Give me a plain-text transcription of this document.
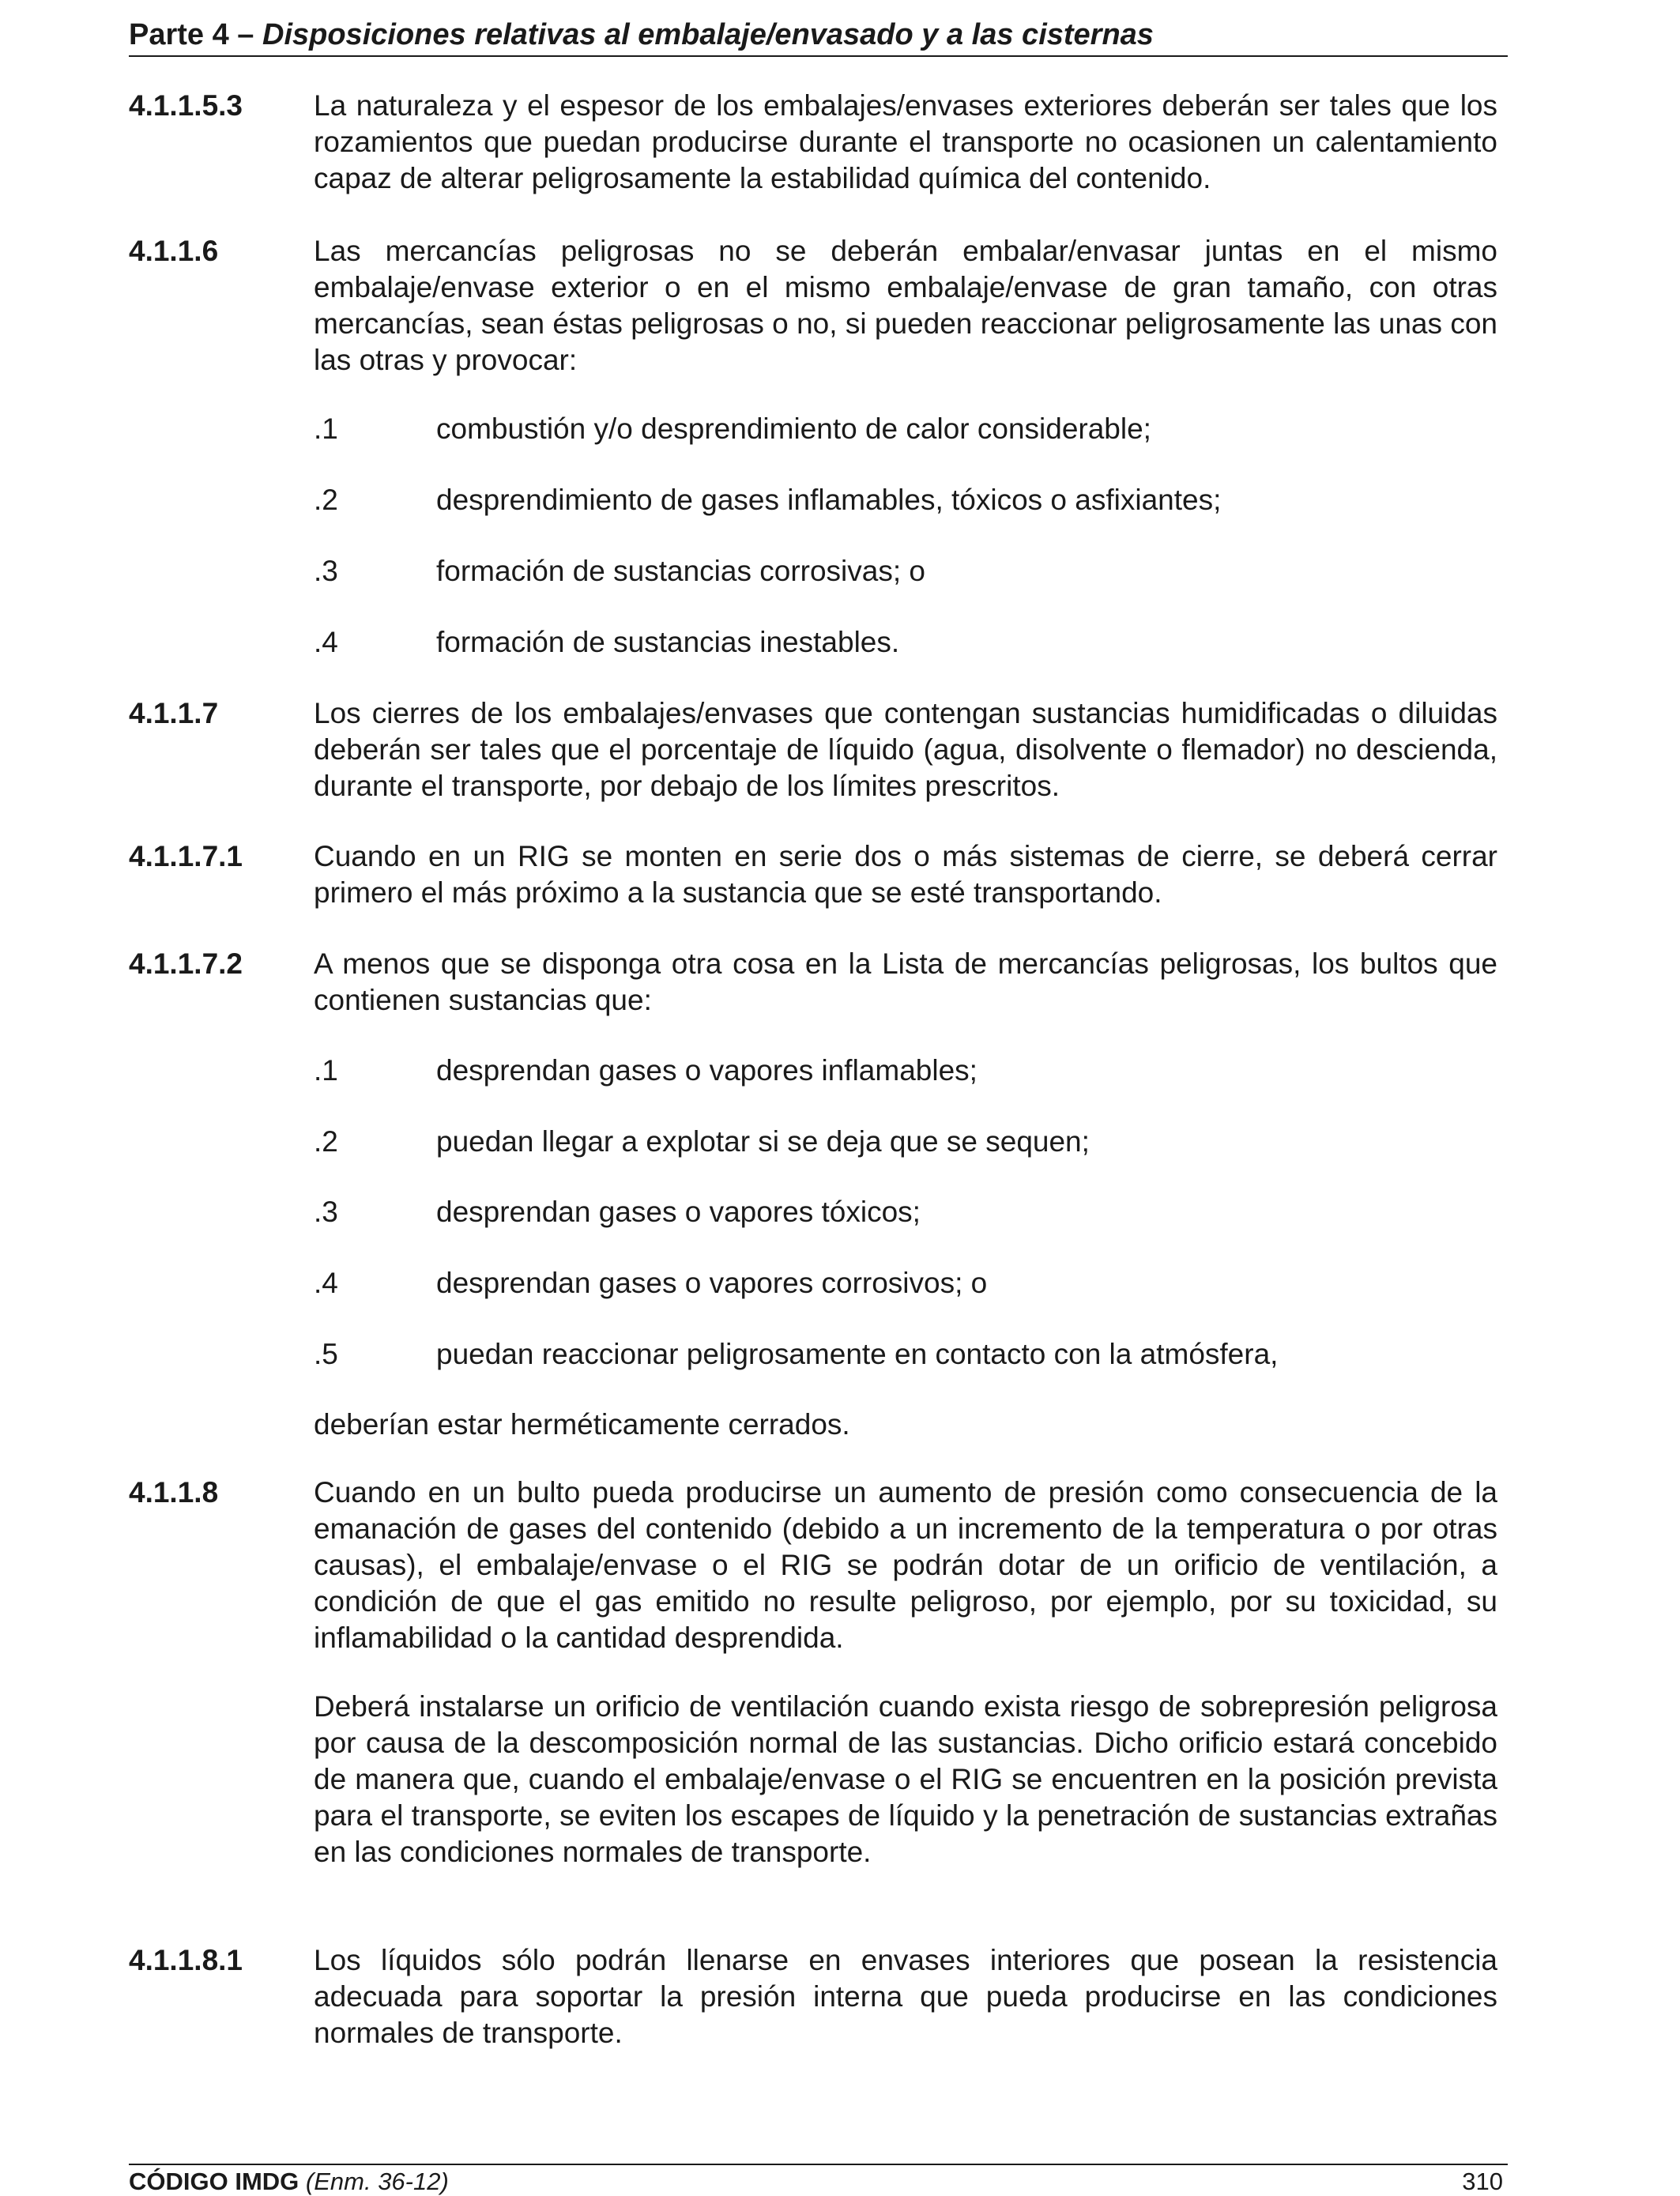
Parte 4 – Disposiciones relativas al embalaje/envasado y a las cisternas
4.1.1.5.3 La naturaleza y el espesor de los embalajes/envases exteriores deberán ser tales que los rozamientos que puedan producirse durante el transporte no ocasionen un calentamiento capaz de alterar peligrosamente la estabilidad química del contenido.
4.1.1.6	Las mercancías peligrosas no se deberán embalar/envasar juntas en el mismo embalaje/envase exterior o en el mismo embalaje/envase de gran tamaño, con otras mercancías, sean éstas peligrosas o no, si pueden reaccionar peligrosamente las unas con las otras y provocar:
.1	combustión y/o desprendimiento de calor considerable;
.2	desprendimiento de gases inflamables, tóxicos o asfixiantes;
.3	formación de sustancias corrosivas; o
.4	formación de sustancias inestables.
4.1.1.7	Los cierres de los embalajes/envases que contengan sustancias humidificadas o diluidas deberán ser tales que el porcentaje de líquido (agua, disolvente o flemador) no descienda, durante el transporte, por debajo de los límites prescritos.
4.1.1.7.1 Cuando en un RIG se monten en serie dos o más sistemas de cierre, se deberá cerrar primero el más próximo a la sustancia que se esté transportando.
4.1.1.7.2 A menos que se disponga otra cosa en la Lista de mercancías peligrosas, los bultos que contienen sustancias que:
.1	desprendan gases o vapores inflamables;
.2	puedan llegar a explotar si se deja que se sequen;
.3	desprendan gases o vapores tóxicos;
.4	desprendan gases o vapores corrosivos; o
.5	puedan reaccionar peligrosamente en contacto con la atmósfera,
deberían estar herméticamente cerrados.
4.1.1.8	Cuando en un bulto pueda producirse un aumento de presión como consecuencia de la emanación de gases del contenido (debido a un incremento de la temperatura o por otras causas), el embalaje/envase o el RIG se podrán dotar de un orificio de ventilación, a condición de que el gas emitido no resulte peligroso, por ejemplo, por su toxicidad, su inflamabilidad o la cantidad desprendida.
Deberá instalarse un orificio de ventilación cuando exista riesgo de sobrepresión peligrosa por causa de la descomposición normal de las sustancias. Dicho orificio estará concebido de manera que, cuando el embalaje/envase o el RIG se encuentren en la posición prevista para el transporte, se eviten los escapes de líquido y la penetración de sustancias extrañas en las condiciones normales de transporte.
4.1.1.8.1 Los líquidos sólo podrán llenarse en envases interiores que posean la resistencia adecuada para soportar la presión interna que pueda producirse en las condiciones normales de transporte.
CÓDIGO IMDG (Enm. 36-12)	310
